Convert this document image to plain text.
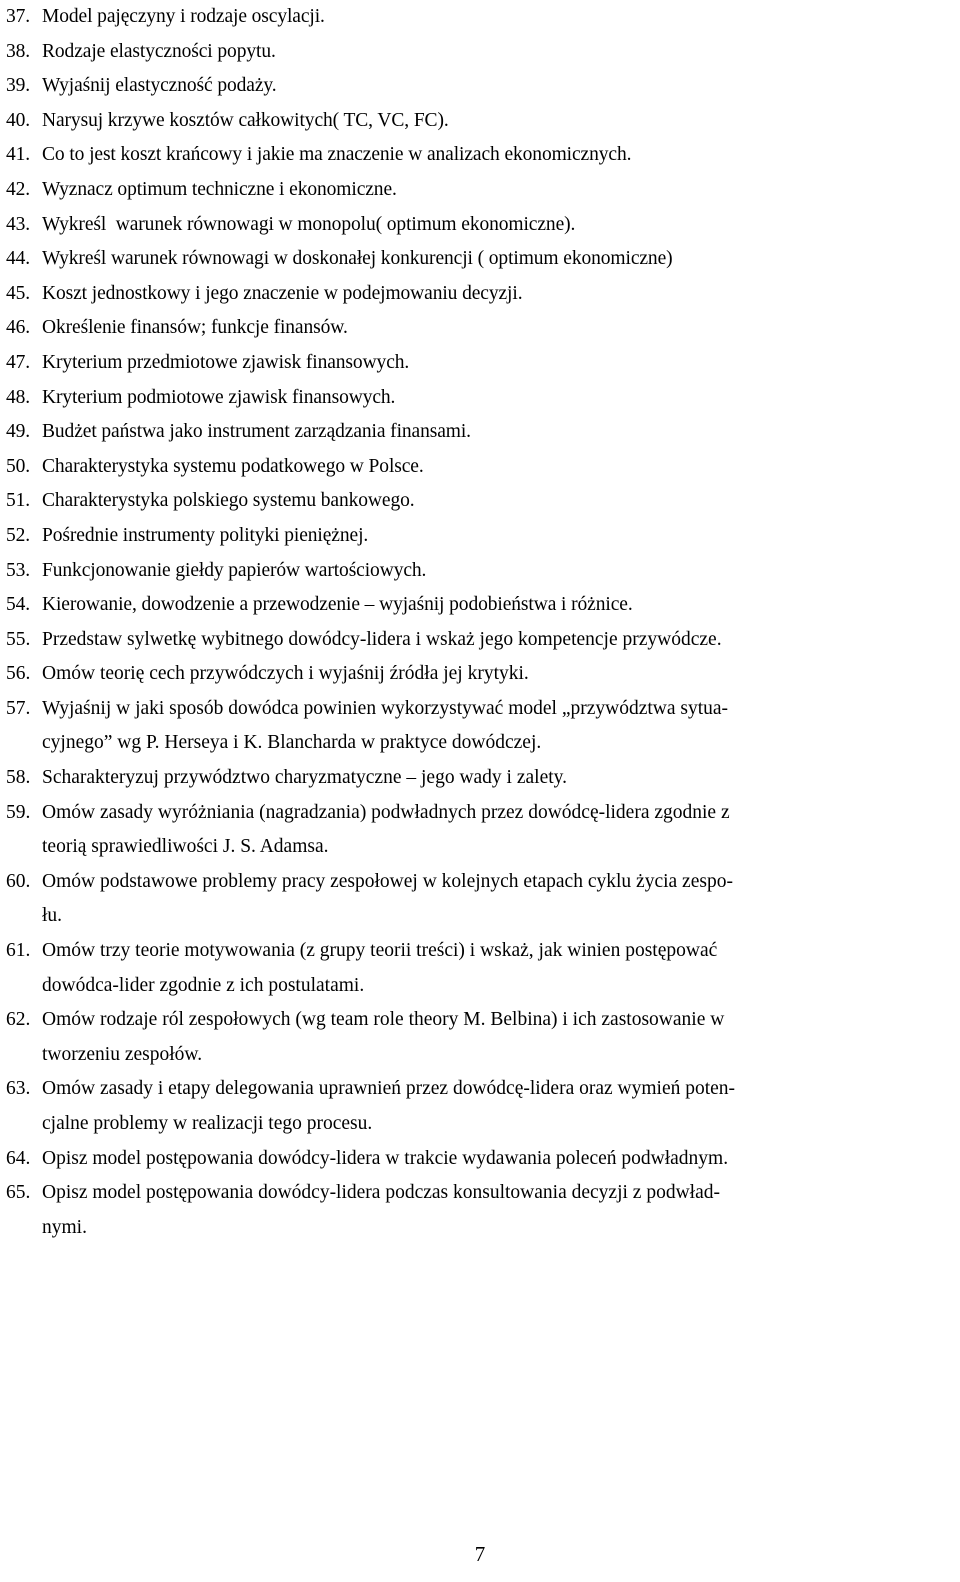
37. Model pajęczyny i rodzaje oscylacji.
38. Rodzaje elastyczności popytu.
39. Wyjaśnij elastyczność podaży.
40. Narysuj krzywe kosztów całkowitych( TC, VC, FC).
41. Co to jest koszt krańcowy i jakie ma znaczenie w analizach ekonomicznych.
42. Wyznacz optimum techniczne i ekonomiczne.
43. Wykreśl  warunek równowagi w monopolu( optimum ekonomiczne).
44. Wykreśl warunek równowagi w doskonałej konkurencji ( optimum ekonomiczne)
45. Koszt jednostkowy i jego znaczenie w podejmowaniu decyzji.
46. Określenie finansów; funkcje finansów.
47. Kryterium przedmiotowe zjawisk finansowych.
48. Kryterium podmiotowe zjawisk finansowych.
49. Budżet państwa jako instrument zarządzania finansami.
50. Charakterystyka systemu podatkowego w Polsce.
51. Charakterystyka polskiego systemu bankowego.
52. Pośrednie instrumenty polityki pieniężnej.
53. Funkcjonowanie giełdy papierów wartościowych.
54. Kierowanie, dowodzenie a przewodzenie – wyjaśnij podobieństwa i różnice.
55. Przedstaw sylwetkę wybitnego dowódcy-lidera i wskaż jego kompetencje przywódcze.
56. Omów teorię cech przywódczych i wyjaśnij źródła jej krytyki.
57. Wyjaśnij w jaki sposób dowódca powinien wykorzystywać model „przywództwa sytua-
cyjnego” wg P. Herseya i K. Blancharda w praktyce dowódczej.
58. Scharakteryzuj przywództwo charyzmatyczne – jego wady i zalety.
59. Omów zasady wyróżniania (nagradzania) podwładnych przez dowódcę-lidera zgodnie z
teorią sprawiedliwości J. S. Adamsa.
60. Omów podstawowe problemy pracy zespołowej w kolejnych etapach cyklu życia zespo-
łu.
61. Omów trzy teorie motywowania (z grupy teorii treści) i wskaż, jak winien postępować
dowódca-lider zgodnie z ich postulatami.
62. Omów rodzaje ról zespołowych (wg team role theory M. Belbina) i ich zastosowanie w
tworzeniu zespołów.
63. Omów zasady i etapy delegowania uprawnień przez dowódcę-lidera oraz wymień poten-
cjalne problemy w realizacji tego procesu.
64. Opisz model postępowania dowódcy-lidera w trakcie wydawania poleceń podwładnym.
65. Opisz model postępowania dowódcy-lidera podczas konsultowania decyzji z podwład-
nymi.
7
